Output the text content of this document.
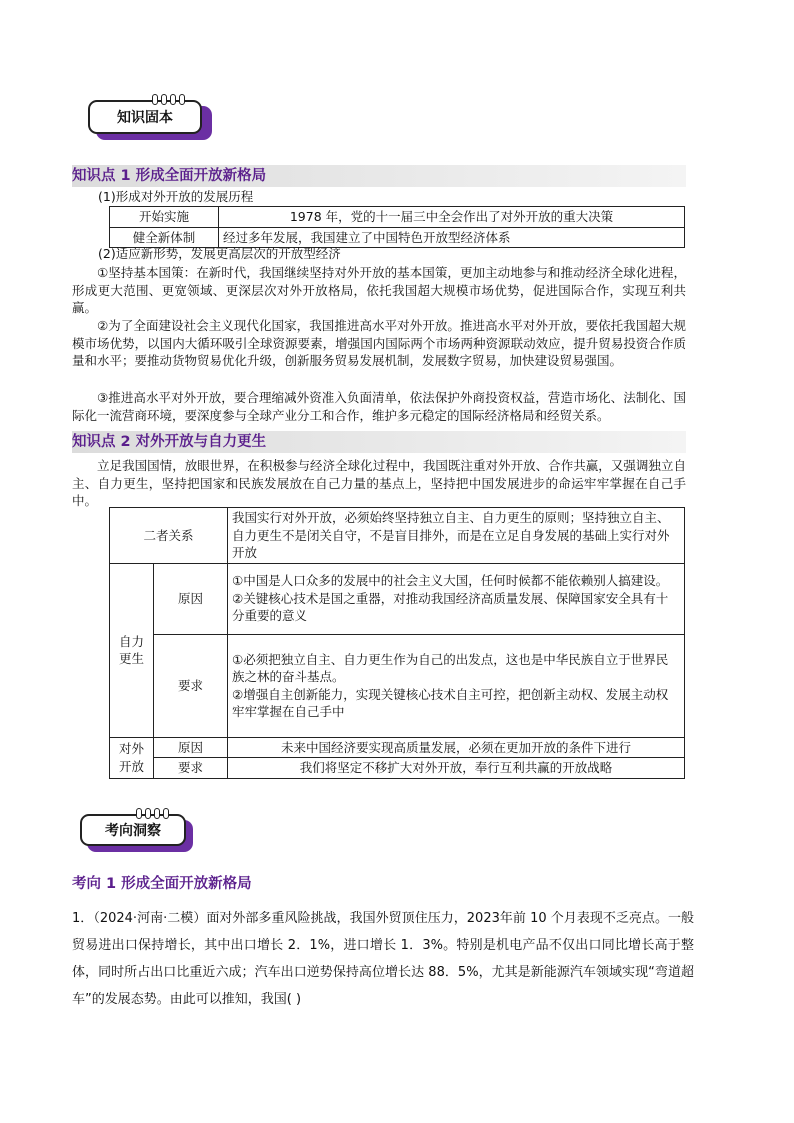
知识固本
知识点 1 形成全面开放新格局
(1)形成对外开放的发展历程
开始实施	1978 年，党的十一届三中全会作出了对外开放的重大决策
健全新体制	经过多年发展，我国建立了中国特色开放型经济体系
(2)适应新形势，发展更高层次的开放型经济
①坚持基本国策：在新时代，我国继续坚持对外开放的基本国策，更加主动地参与和推动经济全球化进程，形成更大范围、更宽领域、更深层次对外开放格局，依托我国超大规模市场优势，促进国际合作，实现互利共赢。
②为了全面建设社会主义现代化国家，我国推进高水平对外开放。推进高水平对外开放，要依托我国超大规模市场优势，以国内大循环吸引全球资源要素，增强国内国际两个市场两种资源联动效应，提升贸易投资合作质量和水平；要推动货物贸易优化升级，创新服务贸易发展机制，发展数字贸易，加快建设贸易强国。
③推进高水平对外开放，要合理缩减外资准入负面清单，依法保护外商投资权益，营造市场化、法制化、国际化一流营商环境，要深度参与全球产业分工和合作，维护多元稳定的国际经济格局和经贸关系。
知识点 2 对外开放与自力更生
立足我国国情，放眼世界，在积极参与经济全球化过程中，我国既注重对外开放、合作共赢，又强调独立自主、自力更生，坚持把国家和民族发展放在自己力量的基点上，坚持把中国发展进步的命运牢牢掌握在自己手中。
二者关系		我国实行对外开放，必须始终坚持独立自主、自力更生的原则；坚持独立自主、自力更生不是闭关自守，不是盲目排外，而是在立足自身发展的基础上实行对外开放
自力更生	原因	①中国是人口众多的发展中的社会主义大国，任何时候都不能依赖别人搞建设。
②关键核心技术是国之重器，对推动我国经济高质量发展、保障国家安全具有十分重要的意义
	要求	①必须把独立自主、自力更生作为自己的出发点，这也是中华民族自立于世界民族之林的奋斗基点。
②增强自主创新能力，实现关键核心技术自主可控，把创新主动权、发展主动权牢牢掌握在自己手中
对外开放	原因	未来中国经济要实现高质量发展，必须在更加开放的条件下进行
	要求	我们将坚定不移扩大对外开放，奉行互利共赢的开放战略
考向洞察
考向 1 形成全面开放新格局
1．（2024·河南·二模）面对外部多重风险挑战，我国外贸顶住压力，2023年前 10 个月表现不乏亮点。一般贸易进出口保持增长，其中出口增长 2．1%，进口增长 1．3%。特别是机电产品不仅出口同比增长高于整体，同时所占出口比重近六成；汽车出口逆势保持高位增长达 88．5%，尤其是新能源汽车领域实现“弯道超车”的发展态势。由此可以推知，我国( )
